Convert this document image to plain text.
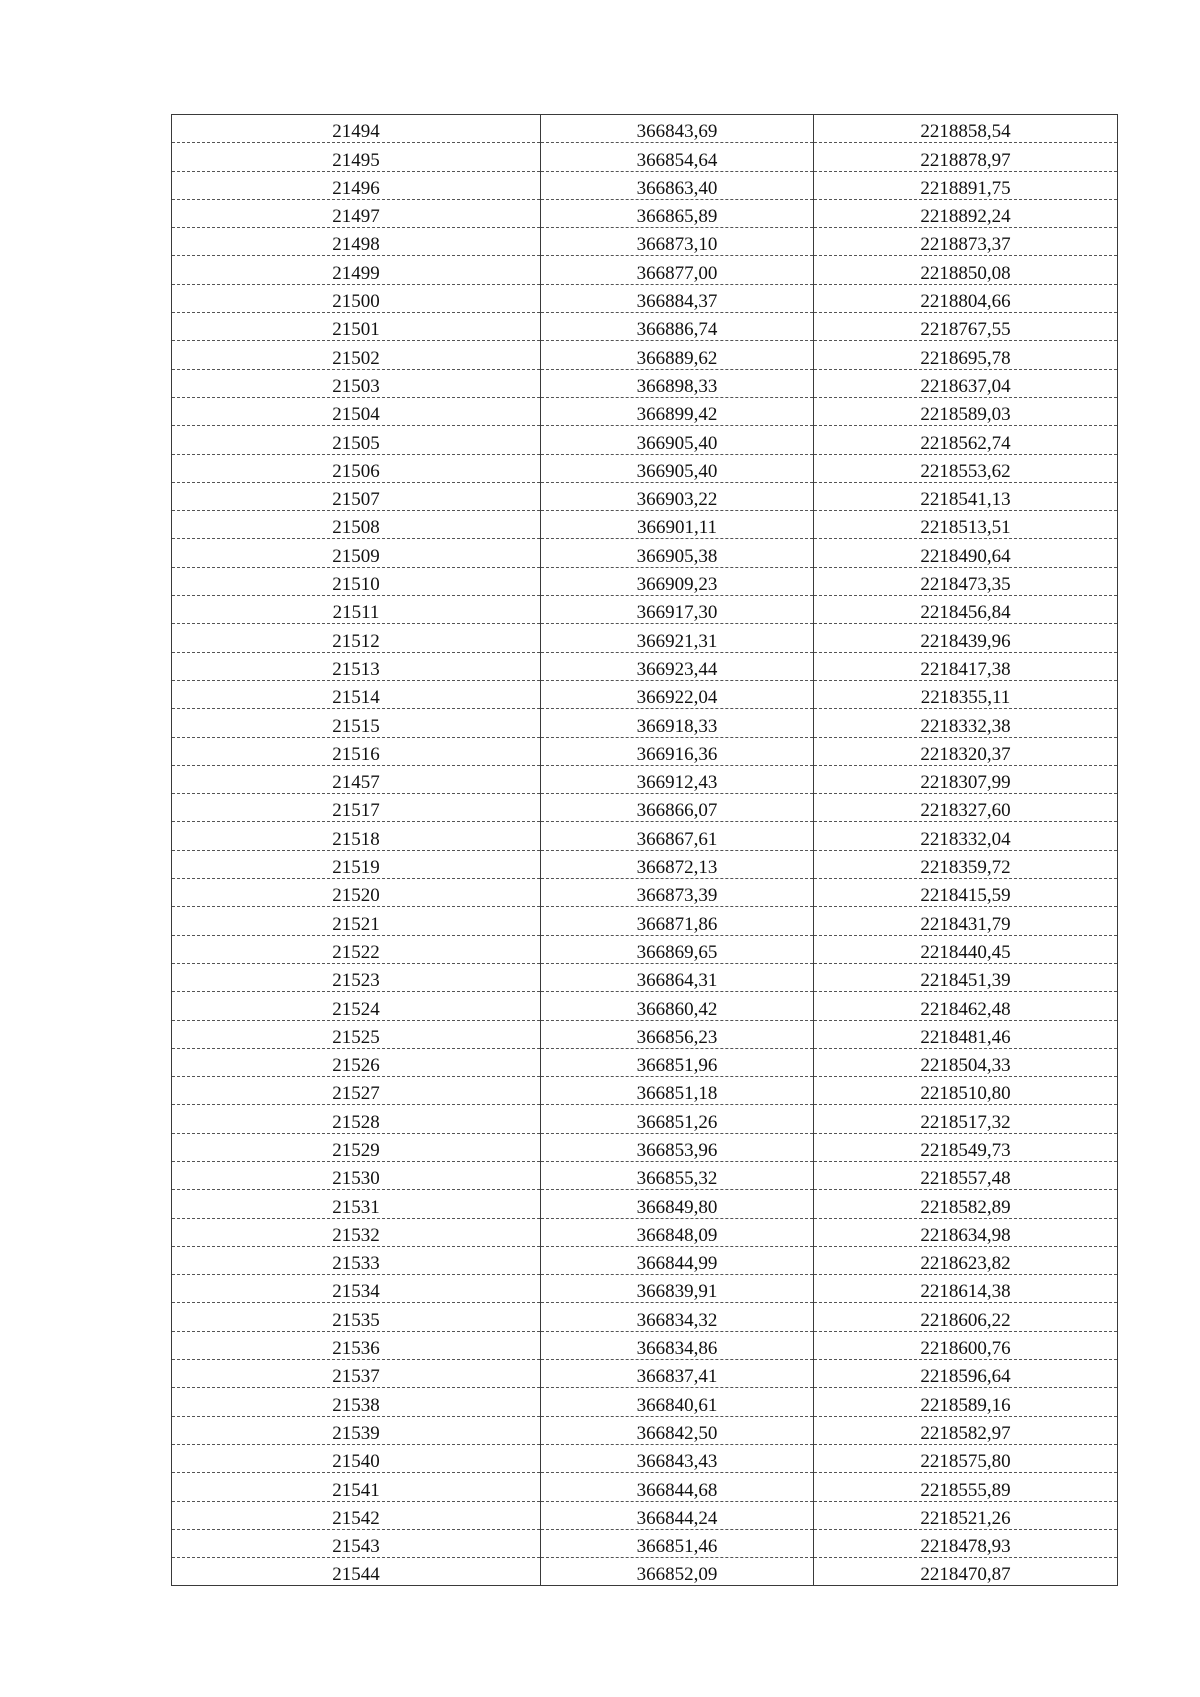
21494	366843,69	2218858,54
21495	366854,64	2218878,97
21496	366863,40	2218891,75
21497	366865,89	2218892,24
21498	366873,10	2218873,37
21499	366877,00	2218850,08
21500	366884,37	2218804,66
21501	366886,74	2218767,55
21502	366889,62	2218695,78
21503	366898,33	2218637,04
21504	366899,42	2218589,03
21505	366905,40	2218562,74
21506	366905,40	2218553,62
21507	366903,22	2218541,13
21508	366901,11	2218513,51
21509	366905,38	2218490,64
21510	366909,23	2218473,35
21511	366917,30	2218456,84
21512	366921,31	2218439,96
21513	366923,44	2218417,38
21514	366922,04	2218355,11
21515	366918,33	2218332,38
21516	366916,36	2218320,37
21457	366912,43	2218307,99
21517	366866,07	2218327,60
21518	366867,61	2218332,04
21519	366872,13	2218359,72
21520	366873,39	2218415,59
21521	366871,86	2218431,79
21522	366869,65	2218440,45
21523	366864,31	2218451,39
21524	366860,42	2218462,48
21525	366856,23	2218481,46
21526	366851,96	2218504,33
21527	366851,18	2218510,80
21528	366851,26	2218517,32
21529	366853,96	2218549,73
21530	366855,32	2218557,48
21531	366849,80	2218582,89
21532	366848,09	2218634,98
21533	366844,99	2218623,82
21534	366839,91	2218614,38
21535	366834,32	2218606,22
21536	366834,86	2218600,76
21537	366837,41	2218596,64
21538	366840,61	2218589,16
21539	366842,50	2218582,97
21540	366843,43	2218575,80
21541	366844,68	2218555,89
21542	366844,24	2218521,26
21543	366851,46	2218478,93
21544	366852,09	2218470,87
